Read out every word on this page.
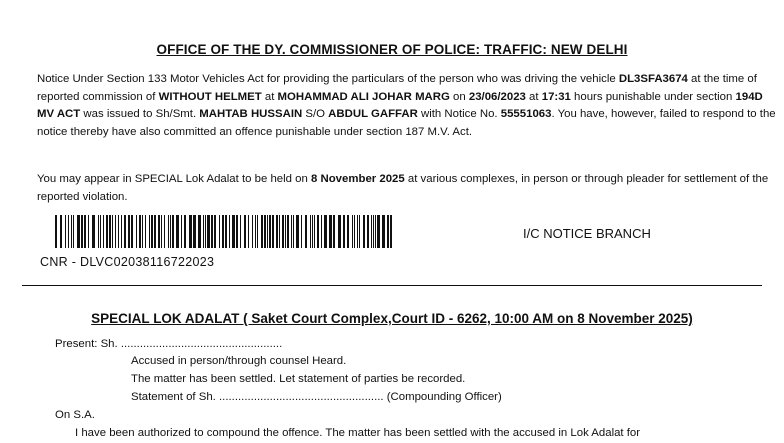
OFFICE OF THE DY. COMMISSIONER OF POLICE: TRAFFIC: NEW DELHI
Notice Under Section 133 Motor Vehicles Act for providing the particulars of the person who was driving the vehicle DL3SFA3674 at the time of reported commission of WITHOUT HELMET at MOHAMMAD ALI JOHAR MARG on 23/06/2023 at 17:31 hours punishable under section 194D MV ACT was issued to Sh/Smt. MAHTAB HUSSAIN S/O ABDUL GAFFAR with Notice No. 55551063. You have, however, failed to respond to the notice thereby have also committed an offence punishable under section 187 M.V. Act.
You may appear in SPECIAL Lok Adalat to be held on 8 November 2025 at various complexes, in person or through pleader for settlement of the reported violation.
CNR - DLVC02038116722023
I/C NOTICE BRANCH
SPECIAL LOK ADALAT ( Saket Court Complex,Court ID - 6262, 10:00 AM on 8 November 2025)
Present: Sh. ...................................................
Accused in person/through counsel Heard.
The matter has been settled. Let statement of parties be recorded.
Statement of Sh. .................................................... (Compounding Officer)
On S.A.
I have been authorized to compound the offence. The matter has been settled with the accused in Lok Adalat for
